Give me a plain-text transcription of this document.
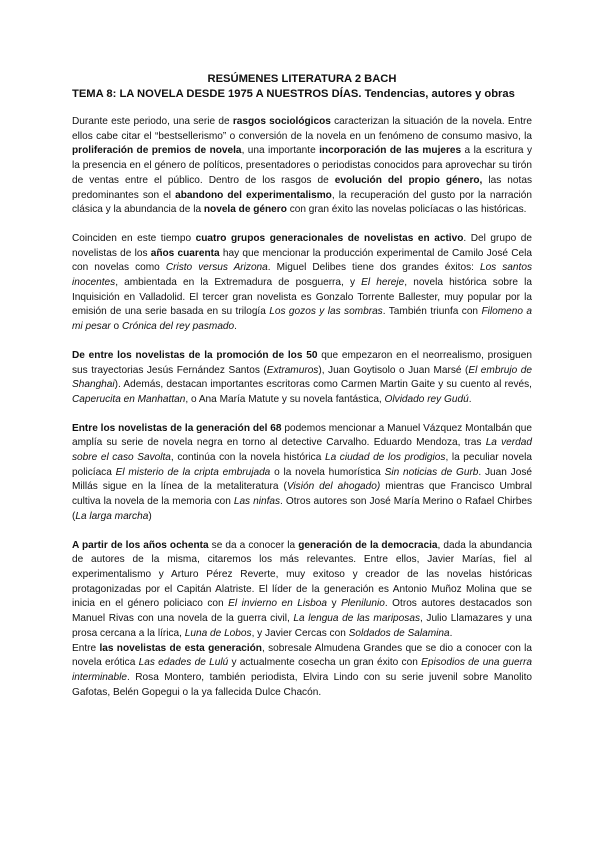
RESÚMENES LITERATURA 2 BACH

TEMA 8: LA NOVELA DESDE 1975 A NUESTROS DÍAS. Tendencias, autores y obras

Durante este periodo, una serie de rasgos sociológicos caracterizan la situación de la novela. Entre ellos cabe citar el “bestsellerismo” o conversión de la novela en un fenómeno de consumo masivo, la proliferación de premios de novela, una importante incorporación de las mujeres a la escritura y la presencia en el género de políticos, presentadores o periodistas conocidos para aprovechar su tirón de ventas entre el público. Dentro de los rasgos de evolución del propio género, las notas predominantes son el abandono del experimentalismo, la recuperación del gusto por la narración clásica y la abundancia de la novela de género con gran éxito las novelas policíacas o las históricas.

Coinciden en este tiempo cuatro grupos generacionales de novelistas en activo. Del grupo de novelistas de los años cuarenta hay que mencionar la producción experimental de Camilo José Cela con novelas como Cristo versus Arizona. Miguel Delibes tiene dos grandes éxitos: Los santos inocentes, ambientada en la Extremadura de posguerra, y El hereje, novela histórica sobre la Inquisición en Valladolid. El tercer gran novelista es Gonzalo Torrente Ballester, muy popular por la emisión de una serie basada en su trilogía Los gozos y las sombras. También triunfa con Filomeno a mi pesar o Crónica del rey pasmado.

De entre los novelistas de la promoción de los 50 que empezaron en el neorrealismo, prosiguen sus trayectorias Jesús Fernández Santos (Extramuros), Juan Goytisolo o Juan Marsé (El embrujo de Shanghai). Además, destacan importantes escritoras como Carmen Martin Gaite y su cuento al revés, Caperucita en Manhattan, o Ana María Matute y su novela fantástica, Olvidado rey Gudú.

Entre los novelistas de la generación del 68 podemos mencionar a Manuel Vázquez Montalbán que amplía su serie de novela negra en torno al detective Carvalho. Eduardo Mendoza, tras La verdad sobre el caso Savolta, continúa con la novela histórica La ciudad de los prodigios, la peculiar novela policíaca El misterio de la cripta embrujada o la novela humorística Sin noticias de Gurb. Juan José Millás sigue en la línea de la metaliteratura (Visión del ahogado) mientras que Francisco Umbral cultiva la novela de la memoria con Las ninfas. Otros autores son José María Merino o Rafael Chirbes (La larga marcha)

A partir de los años ochenta se da a conocer la generación de la democracia, dada la abundancia de autores de la misma, citaremos los más relevantes. Entre ellos, Javier Marías, fiel al experimentalismo y Arturo Pérez Reverte, muy exitoso y creador de las novelas históricas protagonizadas por el Capitán Alatriste. El líder de la generación es Antonio Muñoz Molina que se inicia en el género policiaco con El invierno en Lisboa y Plenilunio. Otros autores destacados son Manuel Rivas con una novela de la guerra civil, La lengua de las mariposas, Julio Llamazares y una prosa cercana a la lírica, Luna de Lobos, y Javier Cercas con Soldados de Salamina.

Entre las novelistas de esta generación, sobresale Almudena Grandes que se dio a conocer con la novela erótica Las edades de Lulú y actualmente cosecha un gran éxito con Episodios de una guerra interminable. Rosa Montero, también periodista, Elvira Lindo con su serie juvenil sobre Manolito Gafotas, Belén Gopegui o la ya fallecida Dulce Chacón.
